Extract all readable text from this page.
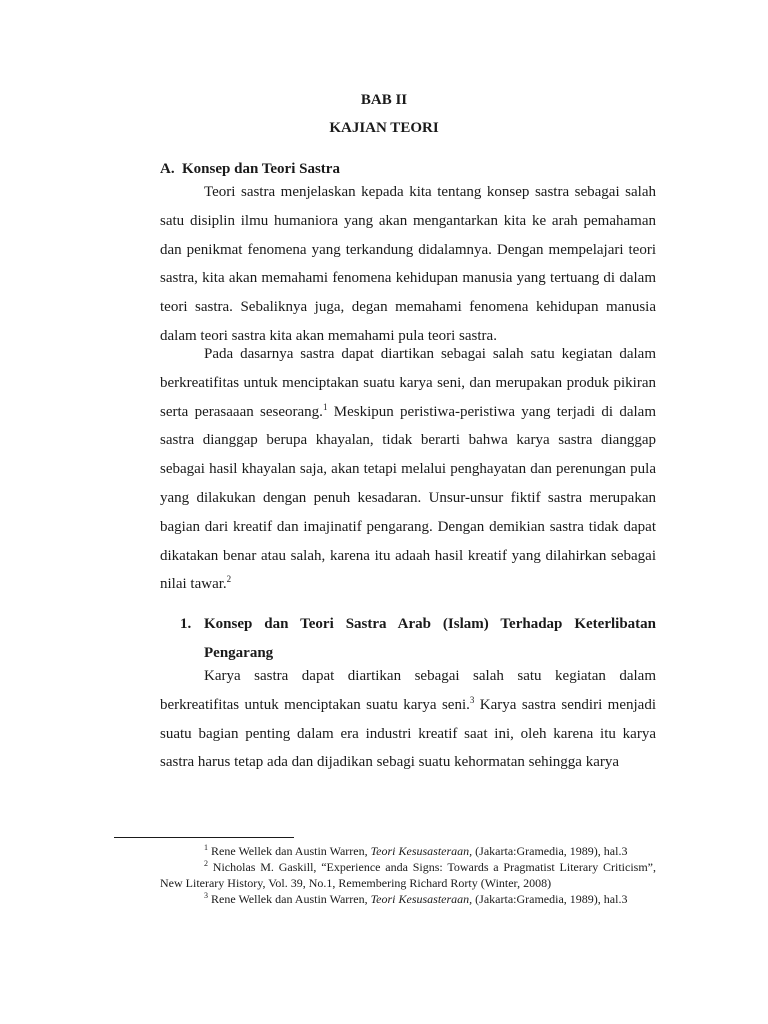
BAB II
KAJIAN TEORI
A. Konsep dan Teori Sastra

Teori sastra menjelaskan kepada kita tentang konsep sastra sebagai salah satu disiplin ilmu humaniora yang akan mengantarkan kita ke arah pemahaman dan penikmat fenomena yang terkandung didalamnya. Dengan mempelajari teori sastra, kita akan memahami fenomena kehidupan manusia yang tertuang di dalam teori sastra. Sebaliknya juga, degan memahami fenomena kehidupan manusia dalam teori sastra kita akan memahami pula teori sastra.

Pada dasarnya sastra dapat diartikan sebagai salah satu kegiatan dalam berkreatifitas untuk menciptakan suatu karya seni, dan merupakan produk pikiran serta perasaaan seseorang.$^1$ Meskipun peristiwa-peristiwa yang terjadi di dalam sastra dianggap berupa khayalan, tidak berarti bahwa karya sastra dianggap sebagai hasil khayalan saja, akan tetapi melalui penghayatan dan perenungan pula yang dilakukan dengan penuh kesadaran. Unsur-unsur fiktif sastra merupakan bagian dari kreatif dan imajinatif pengarang. Dengan demikian sastra tidak dapat dikatakan benar atau salah, karena itu adaah hasil kreatif yang dilahirkan sebagai nilai tawar.$^2$

1. Konsep dan Teori Sastra Arab (Islam) Terhadap Keterlibatan Pengarang

Karya sastra dapat diartikan sebagai salah satu kegiatan dalam berkreatifitas untuk menciptakan suatu karya seni.$^3$ Karya sastra sendiri menjadi suatu bagian penting dalam era industri kreatif saat ini, oleh karena itu karya sastra harus tetap ada dan dijadikan sebagi suatu kehormatan sehingga karya

$^1$ Rene Wellek dan Austin Warren, Teori Kesusasteraan, (Jakarta:Gramedia, 1989), hal.3

$^2$ Nicholas M. Gaskill, “Experience anda Signs: Towards a Pragmatist Literary Criticism”, New Literary History, Vol. 39, No.1, Remembering Richard Rorty (Winter, 2008)

$^3$ Rene Wellek dan Austin Warren, Teori Kesusasteraan, (Jakarta:Gramedia, 1989), hal.3
